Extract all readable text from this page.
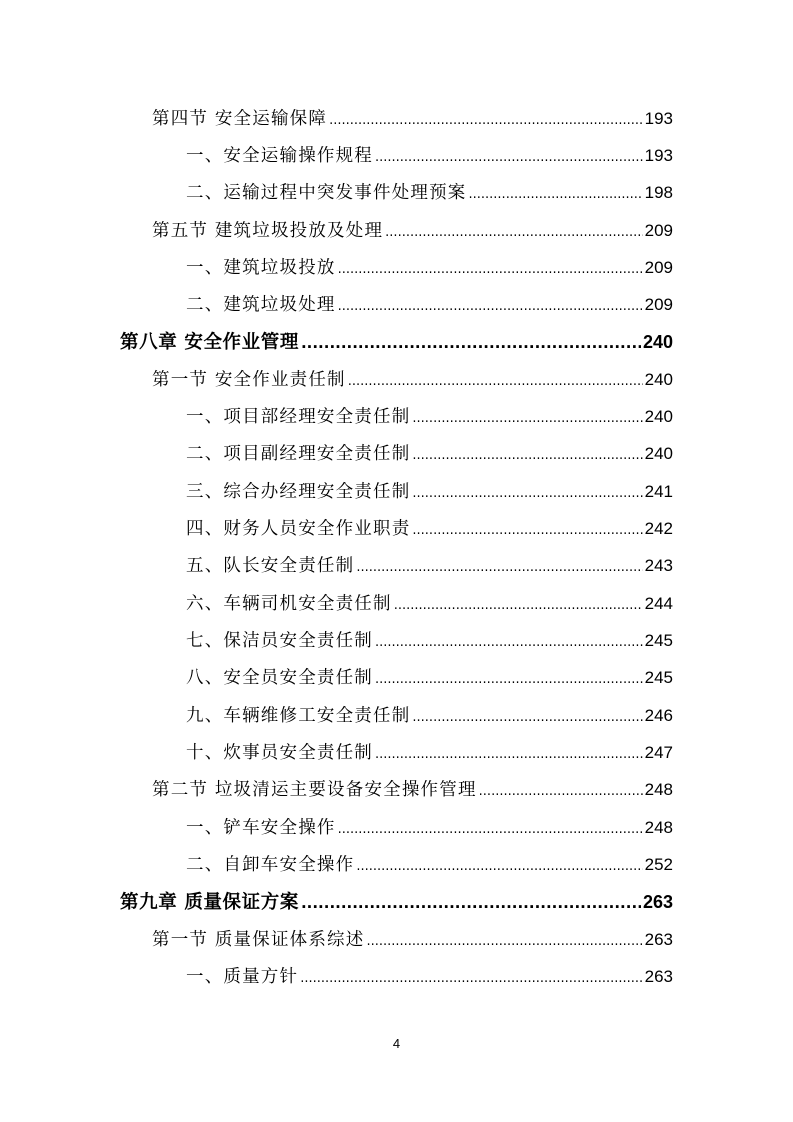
第四节 安全运输保障 .....	193
一、安全运输操作规程 .....	193
二、运输过程中突发事件处理预案 .....	198
第五节 建筑垃圾投放及处理 .....	209
一、建筑垃圾投放 .....	209
二、建筑垃圾处理 .....	209
第八章 安全作业管理 .....	240
第一节 安全作业责任制 .....	240
一、项目部经理安全责任制 .....	240
二、项目副经理安全责任制 .....	240
三、综合办经理安全责任制 .....	241
四、财务人员安全作业职责 .....	242
五、队长安全责任制 .....	243
六、车辆司机安全责任制 .....	244
七、保洁员安全责任制 .....	245
八、安全员安全责任制 .....	245
九、车辆维修工安全责任制 .....	246
十、炊事员安全责任制 .....	247
第二节 垃圾清运主要设备安全操作管理 .....	248
一、铲车安全操作 .....	248
二、自卸车安全操作 .....	252
第九章 质量保证方案 .....	263
第一节 质量保证体系综述 .....	263
一、质量方针 .....	263
4
